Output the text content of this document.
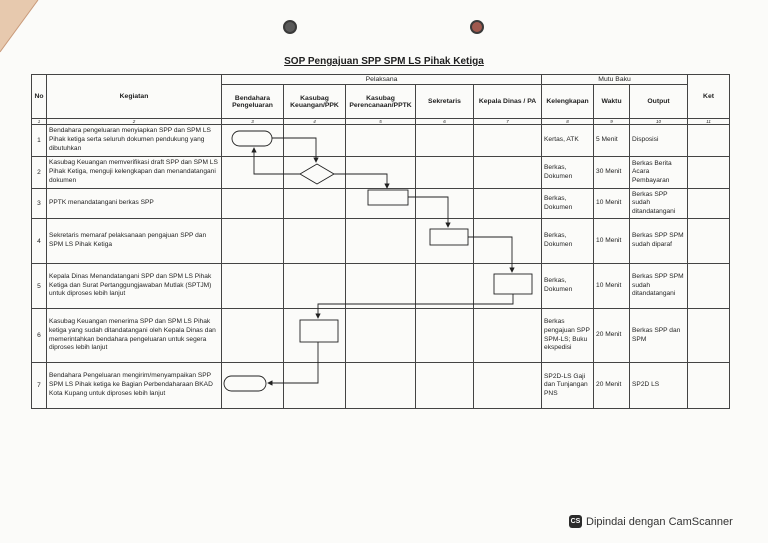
SOP Pengajuan SPP SPM LS Pihak Ketiga
No	Kegiatan	Pelaksana					Mutu Baku			Ket
		Bendahara Pengeluaran	Kasubag Keuangan/PPK	Kasubag Perencanaan/PPTK	Sekretaris	Kepala Dinas / PA	Kelengkapan	Waktu	Output	
1	2	3	4	5	6	7	8	9	10	11
1	Bendahara pengeluaran menyiapkan SPP dan SPM LS Pihak ketiga serta seluruh dokumen pendukung yang dibutuhkan						Kertas, ATK	5 Menit	Disposisi	
2	Kasubag Keuangan memverifikasi draft SPP dan SPM LS Pihak Ketiga, menguji kelengkapan dan menandatangani dokumen						Berkas, Dokumen	30 Menit	Berkas Berita Acara Pembayaran	
3	PPTK menandatangani berkas SPP						Berkas, Dokumen	10 Menit	Berkas SPP sudah ditandatangani	
4	Sekretaris memaraf pelaksanaan pengajuan SPP dan SPM LS Pihak Ketiga						Berkas, Dokumen	10 Menit	Berkas SPP SPM sudah diparaf	
5	Kepala Dinas Menandatangani SPP dan SPM LS Pihak Ketiga dan Surat Pertanggungjawaban Mutlak (SPTJM) untuk diproses lebih lanjut						Berkas, Dokumen	10 Menit	Berkas SPP SPM sudah ditandatangani	
6	Kasubag Keuangan menerima SPP dan SPM LS Pihak ketiga yang sudah ditandatangani oleh Kepala Dinas dan memerintahkan bendahara pengeluaran untuk segera diproses lebih lanjut						Berkas pengajuan SPP SPM-LS; Buku ekspedisi	20 Menit	Berkas SPP dan SPM	
7	Bendahara Pengeluaran mengirim/menyampaikan SPP SPM LS Pihak ketiga ke Bagian Perbendaharaan BKAD Kota Kupang untuk diproses lebih lanjut						SP2D-LS Gaji dan Tunjangan PNS	20 Menit	SP2D LS	
CS Dipindai dengan CamScanner
